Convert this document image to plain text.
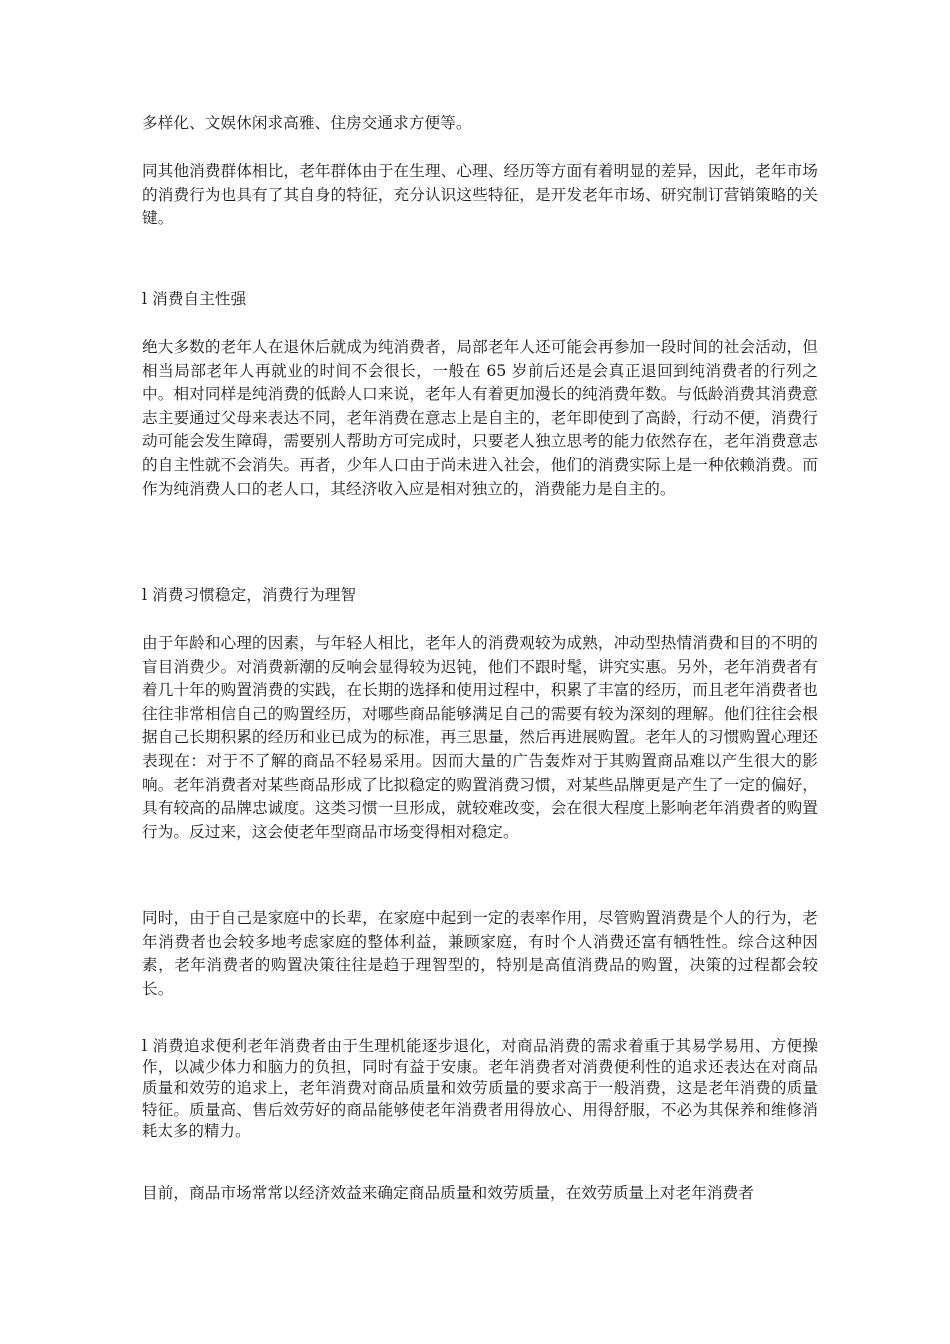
多样化、文娱休闲求高雅、住房交通求方便等。

同其他消费群体相比，老年群体由于在生理、心理、经历等方面有着明显的差异，因此，老年市场的消费行为也具有了其自身的特征，充分认识这些特征，是开发老年市场、研究制订营销策略的关键。

l 消费自主性强

绝大多数的老年人在退休后就成为纯消费者，局部老年人还可能会再参加一段时间的社会活动，但相当局部老年人再就业的时间不会很长，一般在 65 岁前后还是会真正退回到纯消费者的行列之中。相对同样是纯消费的低龄人口来说，老年人有着更加漫长的纯消费年数。与低龄消费其消费意志主要通过父母来表达不同，老年消费在意志上是自主的，老年即使到了高龄，行动不便，消费行动可能会发生障碍，需要别人帮助方可完成时，只要老人独立思考的能力依然存在，老年消费意志的自主性就不会消失。再者，少年人口由于尚未进入社会，他们的消费实际上是一种依赖消费。而作为纯消费人口的老人口，其经济收入应是相对独立的，消费能力是自主的。

l 消费习惯稳定，消费行为理智

由于年龄和心理的因素，与年轻人相比，老年人的消费观较为成熟，冲动型热情消费和目的不明的盲目消费少。对消费新潮的反响会显得较为迟钝，他们不跟时髦，讲究实惠。另外，老年消费者有着几十年的购置消费的实践，在长期的选择和使用过程中，积累了丰富的经历，而且老年消费者也往往非常相信自己的购置经历，对哪些商品能够满足自己的需要有较为深刻的理解。他们往往会根据自己长期积累的经历和业已成为的标准，再三思量，然后再进展购置。老年人的习惯购置心理还表现在：对于不了解的商品不轻易采用。因而大量的广告轰炸对于其购置商品难以产生很大的影响。老年消费者对某些商品形成了比拟稳定的购置消费习惯，对某些品牌更是产生了一定的偏好，具有较高的品牌忠诚度。这类习惯一旦形成，就较难改变，会在很大程度上影响老年消费者的购置行为。反过来，这会使老年型商品市场变得相对稳定。

同时，由于自己是家庭中的长辈，在家庭中起到一定的表率作用，尽管购置消费是个人的行为，老年消费者也会较多地考虑家庭的整体利益，兼顾家庭，有时个人消费还富有牺牲性。综合这种因素，老年消费者的购置决策往往是趋于理智型的，特别是高值消费品的购置，决策的过程都会较长。

l 消费追求便利老年消费者由于生理机能逐步退化，对商品消费的需求着重于其易学易用、方便操作，以减少体力和脑力的负担，同时有益于安康。老年消费者对消费便利性的追求还表达在对商品质量和效劳的追求上，老年消费对商品质量和效劳质量的要求高于一般消费，这是老年消费的质量特征。质量高、售后效劳好的商品能够使老年消费者用得放心、用得舒服，不必为其保养和维修消耗太多的精力。

目前，商品市场常常以经济效益来确定商品质量和效劳质量，在效劳质量上对老年消费者
